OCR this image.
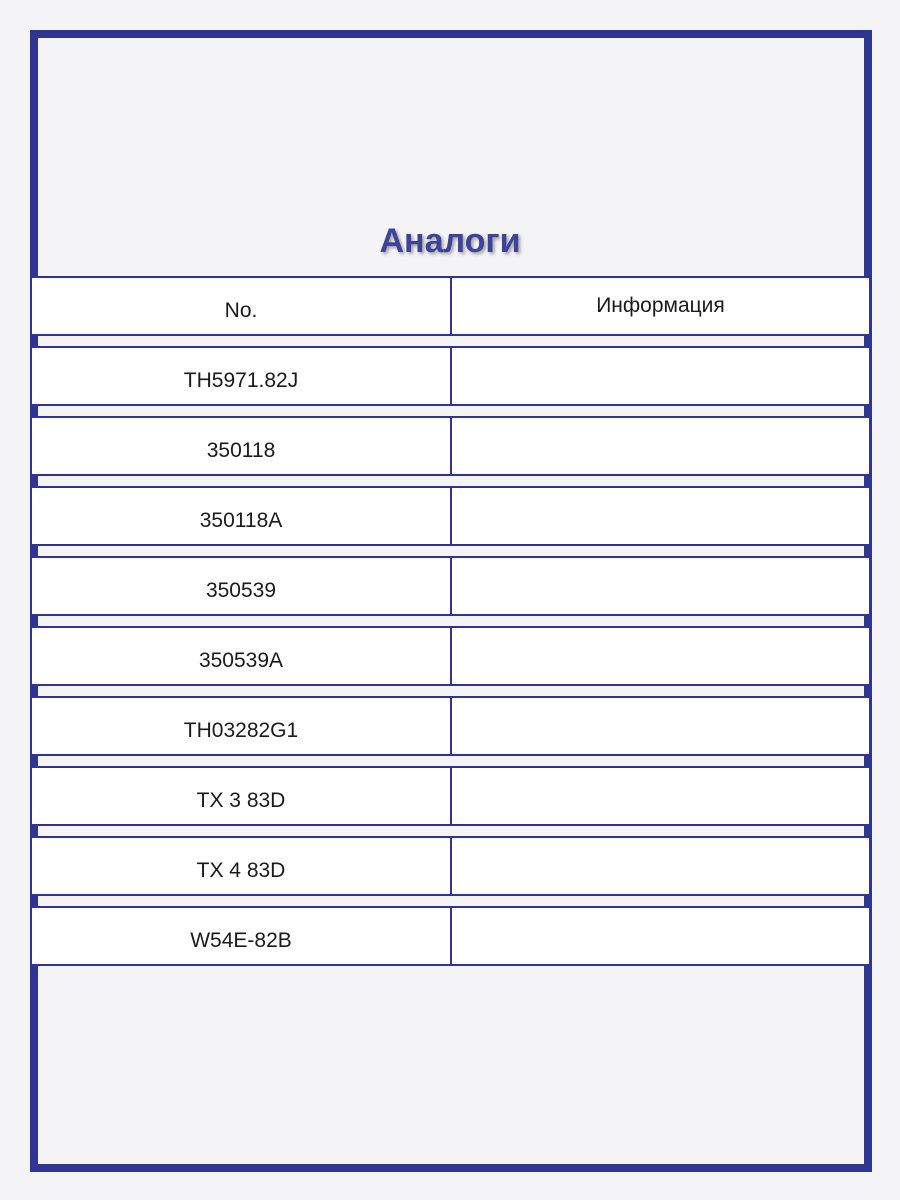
Аналоги
No.	Информация
TH5971.82J
350118
350118A
350539
350539A
TH03282G1
TX 3 83D
TX 4 83D
W54E-82B
